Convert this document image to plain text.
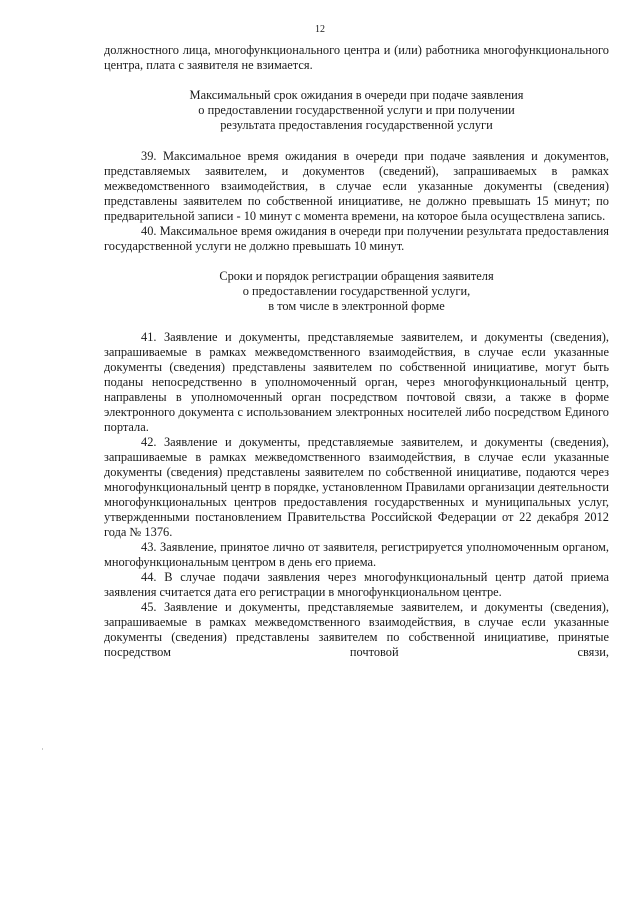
12

должностного лица, многофункционального центра и (или) работника многофункционального центра, плата с заявителя не взимается.

Максимальный срок ожидания в очереди при подаче заявления
о предоставлении государственной услуги и при получении
результата предоставления государственной услуги

39. Максимальное время ожидания в очереди при подаче заявления и документов, представляемых заявителем, и документов (сведений), запрашиваемых в рамках межведомственного взаимодействия, в случае если указанные документы (сведения) представлены заявителем по собственной инициативе, не должно превышать 15 минут; по предварительной записи - 10 минут с момента времени, на которое была осуществлена запись.

40. Максимальное время ожидания в очереди при получении результата предоставления государственной услуги не должно превышать 10 минут.

Сроки и порядок регистрации обращения заявителя
о предоставлении государственной услуги,
в том числе в электронной форме

41. Заявление и документы, представляемые заявителем, и документы (сведения), запрашиваемые в рамках межведомственного взаимодействия, в случае если указанные документы (сведения) представлены заявителем по собственной инициативе, могут быть поданы непосредственно в уполномоченный орган, через многофункциональный центр, направлены в уполномоченный орган посредством почтовой связи, а также в форме электронного документа с использованием электронных носителей либо посредством Единого портала.

42. Заявление и документы, представляемые заявителем, и документы (сведения), запрашиваемые в рамках межведомственного взаимодействия, в случае если указанные документы (сведения) представлены заявителем по собственной инициативе, подаются через многофункциональный центр в порядке, установленном Правилами организации деятельности многофункциональных центров предоставления государственных и муниципальных услуг, утвержденными постановлением Правительства Российской Федерации от 22 декабря 2012 года № 1376.

43. Заявление, принятое лично от заявителя, регистрируется уполномоченным органом, многофункциональным центром в день его приема.

44. В случае подачи заявления через многофункциональный центр датой приема заявления считается дата его регистрации в многофункциональном центре.

45. Заявление и документы, представляемые заявителем, и документы (сведения), запрашиваемые в рамках межведомственного взаимодействия, в случае если указанные документы (сведения) представлены заявителем по собственной инициативе, принятые посредством почтовой связи,
